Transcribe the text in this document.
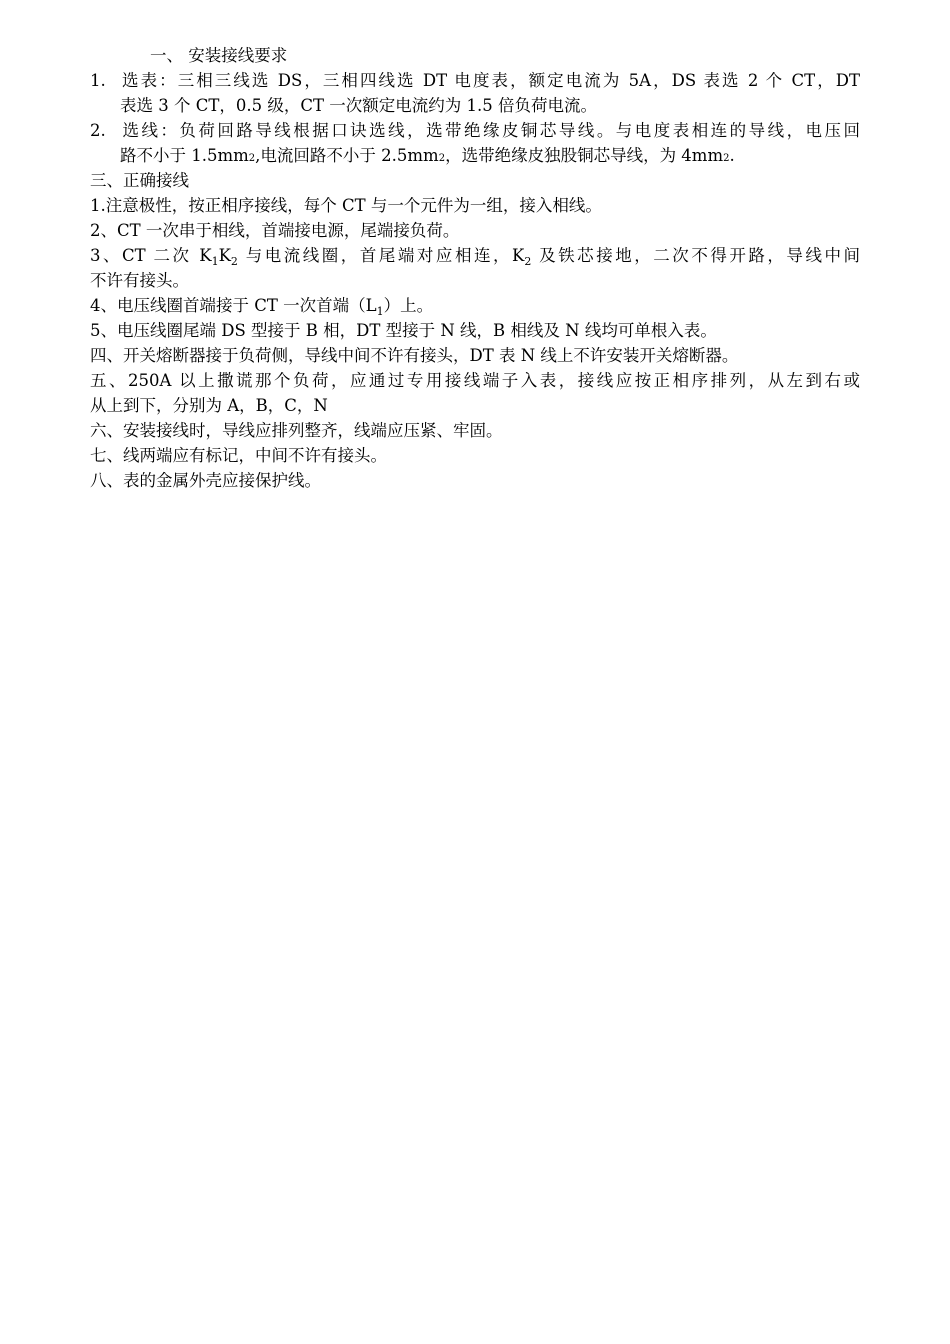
一、 安装接线要求
1. 选表：三相三线选 DS，三相四线选 DT 电度表，额定电流为 5A，DS 表选 2 个 CT，DT
表选 3 个 CT，0.5 级，CT 一次额定电流约为 1.5 倍负荷电流。
2. 选线：负荷回路导线根据口诀选线，选带绝缘皮铜芯导线。与电度表相连的导线，电压回
路不小于 1.5mm2,电流回路不小于 2.5mm2，选带绝缘皮独股铜芯导线，为 4mm2.
三、正确接线
1.注意极性，按正相序接线，每个 CT 与一个元件为一组，接入相线。
2、CT 一次串于相线，首端接电源，尾端接负荷。
3、CT 二次 $K_1K_2$ 与电流线圈，首尾端对应相连，$K_2$ 及铁芯接地，二次不得开路，导线中间
不许有接头。
4、电压线圈首端接于 CT 一次首端$(L_1)$上。
5、电压线圈尾端 DS 型接于 B 相，DT 型接于 N 线，B 相线及 N 线均可单根入表。
四、开关熔断器接于负荷侧，导线中间不许有接头，DT 表 N 线上不许安装开关熔断器。
五、250A 以上撒谎那个负荷，应通过专用接线端子入表，接线应按正相序排列，从左到右或
从上到下，分别为 A，B，C，N
六、安装接线时，导线应排列整齐，线端应压紧、牢固。
七、线两端应有标记，中间不许有接头。
八、表的金属外壳应接保护线。
